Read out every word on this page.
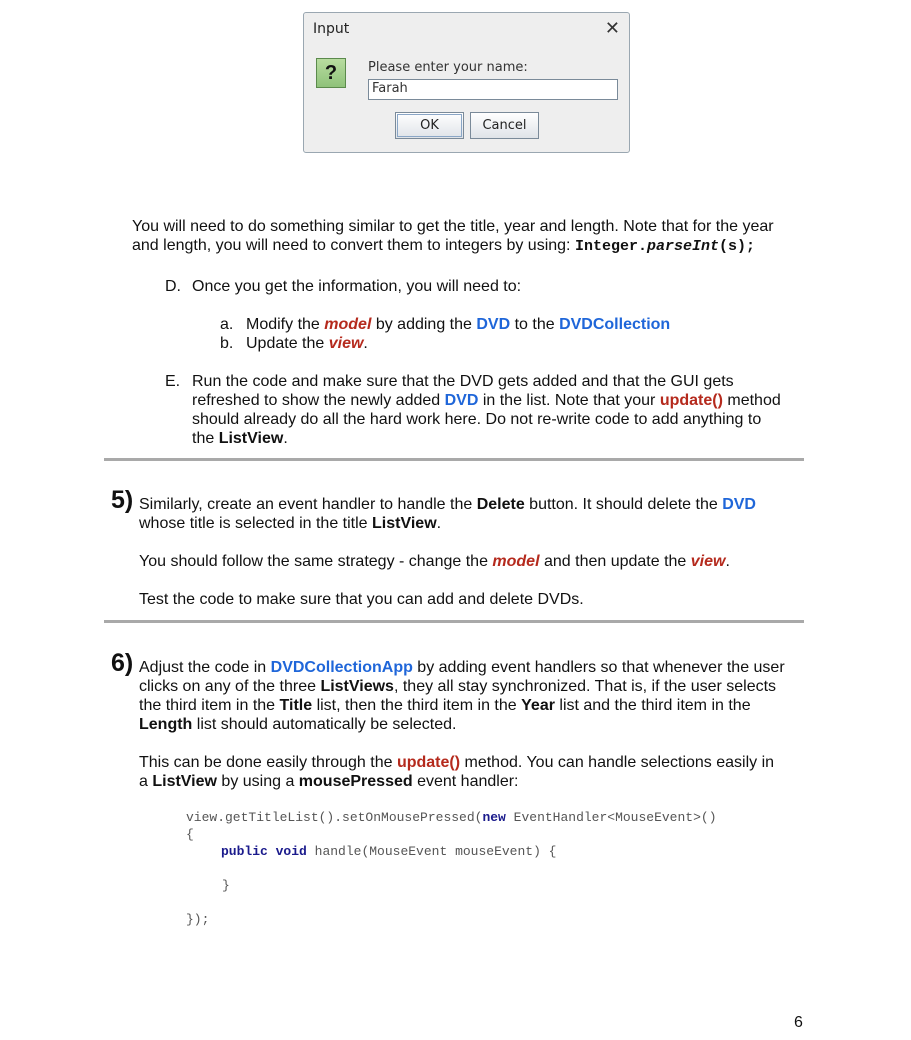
Input	✕
?	Please enter your name:
Farah
OK	Cancel
You will need to do something similar to get the title, year and length. Note that for the year
and length, you will need to convert them to integers by using: Integer.parseInt(s);
D. Once you get the information, you will need to:
a. Modify the model by adding the DVD to the DVDCollection
b. Update the view.
E. Run the code and make sure that the DVD gets added and that the GUI gets
refreshed to show the newly added DVD in the list. Note that your update() method
should already do all the hard work here. Do not re-write code to add anything to
the ListView.
5) Similarly, create an event handler to handle the Delete button. It should delete the DVD
whose title is selected in the title ListView.
You should follow the same strategy - change the model and then update the view.
Test the code to make sure that you can add and delete DVDs.
6) Adjust the code in DVDCollectionApp by adding event handlers so that whenever the user
clicks on any of the three ListViews, they all stay synchronized. That is, if the user selects
the third item in the Title list, then the third item in the Year list and the third item in the
Length list should automatically be selected.
This can be done easily through the update() method. You can handle selections easily in
a ListView by using a mousePressed event handler:
view.getTitleList().setOnMousePressed(new EventHandler<MouseEvent>()
{
public void handle(MouseEvent mouseEvent) {
}
});
6
